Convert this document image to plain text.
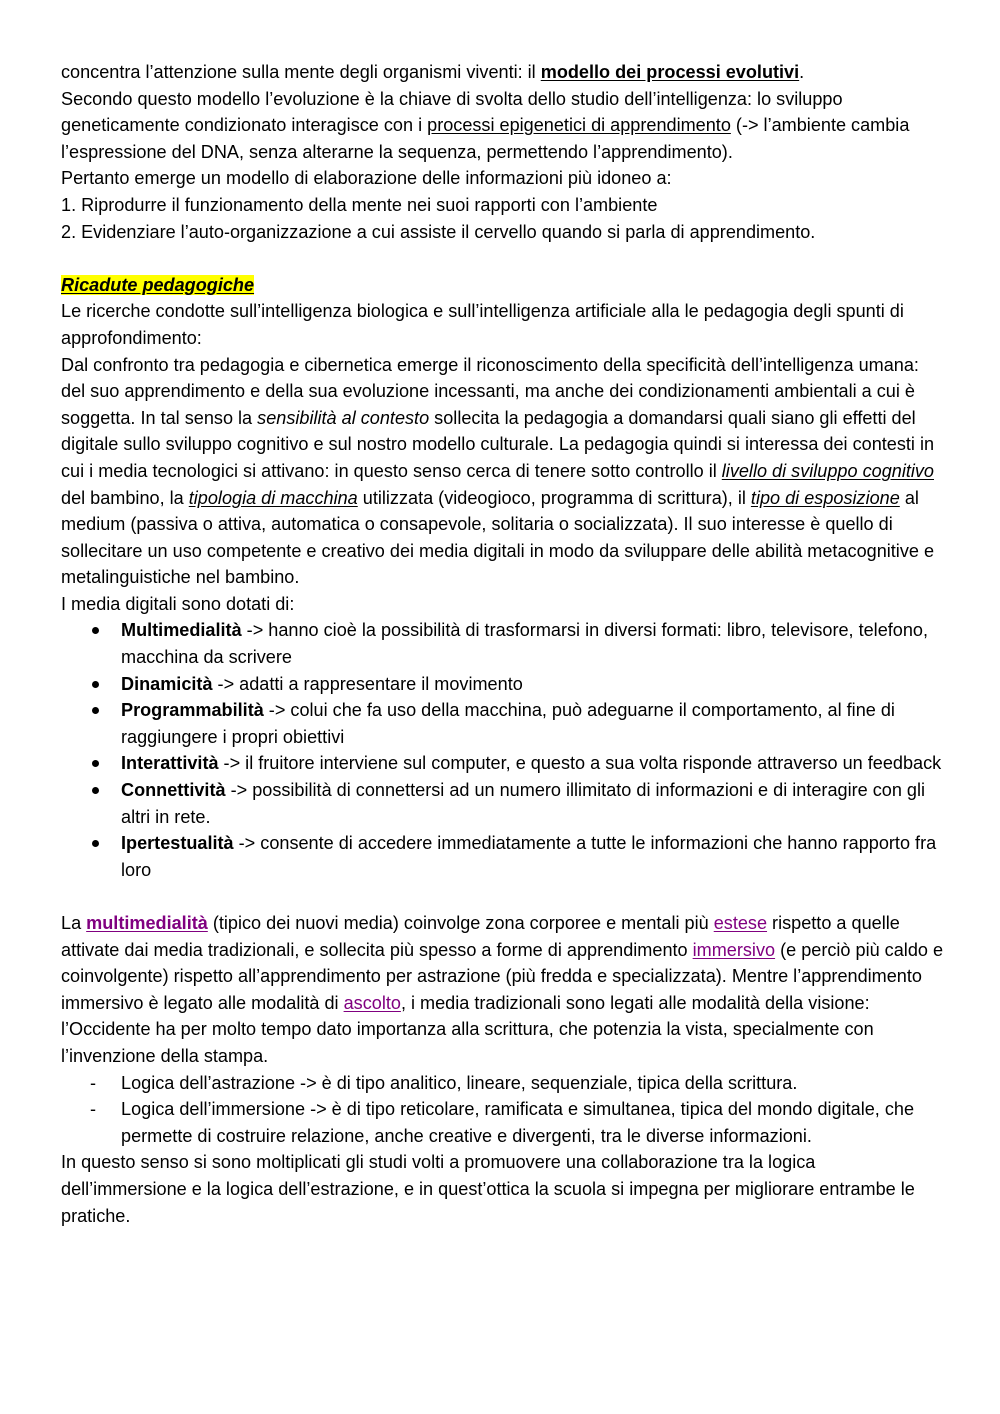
concentra l’attenzione sulla mente degli organismi viventi: il modello dei processi evolutivi.

Secondo questo modello l’evoluzione è la chiave di svolta dello studio dell’intelligenza: lo sviluppo geneticamente condizionato interagisce con i processi epigenetici di apprendimento (-> l’ambiente cambia l’espressione del DNA, senza alterarne la sequenza, permettendo l’apprendimento).

Pertanto emerge un modello di elaborazione delle informazioni più idoneo a:

1. Riprodurre il funzionamento della mente nei suoi rapporti con l’ambiente

2. Evidenziare l’auto-organizzazione a cui assiste il cervello quando si parla di apprendimento.

Ricadute pedagogiche

Le ricerche condotte sull’intelligenza biologica e sull’intelligenza artificiale alla le pedagogia degli spunti di approfondimento:

Dal confronto tra pedagogia e cibernetica emerge il riconoscimento della specificità dell’intelligenza umana: del suo apprendimento e della sua evoluzione incessanti, ma anche dei condizionamenti ambientali a cui è soggetta. In tal senso la sensibilità al contesto sollecita la pedagogia a domandarsi quali siano gli effetti del digitale sullo sviluppo cognitivo e sul nostro modello culturale. La pedagogia quindi si interessa dei contesti in cui i media tecnologici si attivano: in questo senso cerca di tenere sotto controllo il livello di sviluppo cognitivo del bambino, la tipologia di macchina utilizzata (videogioco, programma di scrittura), il tipo di esposizione al medium (passiva o attiva, automatica o consapevole, solitaria o socializzata). Il suo interesse è quello di sollecitare un uso competente e creativo dei media digitali in modo da sviluppare delle abilità metacognitive e metalinguistiche nel bambino.

I media digitali sono dotati di:

Multimedialità -> hanno cioè la possibilità di trasformarsi in diversi formati: libro, televisore, telefono, macchina da scrivere
Dinamicità -> adatti a rappresentare il movimento
Programmabilità -> colui che fa uso della macchina, può adeguarne il comportamento, al fine di raggiungere i propri obiettivi
Interattività -> il fruitore interviene sul computer, e questo a sua volta risponde attraverso un feedback
Connettività -> possibilità di connettersi ad un numero illimitato di informazioni e di interagire con gli altri in rete.
Ipertestualità -> consente di accedere immediatamente a tutte le informazioni che hanno rapporto fra loro

La multimedialità (tipico dei nuovi media) coinvolge zona corporee e mentali più estese rispetto a quelle attivate dai media tradizionali, e sollecita più spesso a forme di apprendimento immersivo (e perciò più caldo e coinvolgente) rispetto all’apprendimento per astrazione (più fredda e specializzata). Mentre l’apprendimento immersivo è legato alle modalità di ascolto, i media tradizionali sono legati alle modalità della visione: l’Occidente ha per molto tempo dato importanza alla scrittura, che potenzia la vista, specialmente con l’invenzione della stampa.

- Logica dell’astrazione -> è di tipo analitico, lineare, sequenziale, tipica della scrittura.
- Logica dell’immersione -> è di tipo reticolare, ramificata e simultanea, tipica del mondo digitale, che permette di costruire relazione, anche creative e divergenti, tra le diverse informazioni.

In questo senso si sono moltiplicati gli studi volti a promuovere una collaborazione tra la logica dell’immersione e la logica dell’estrazione, e in quest’ottica la scuola si impegna per migliorare entrambe le pratiche.
